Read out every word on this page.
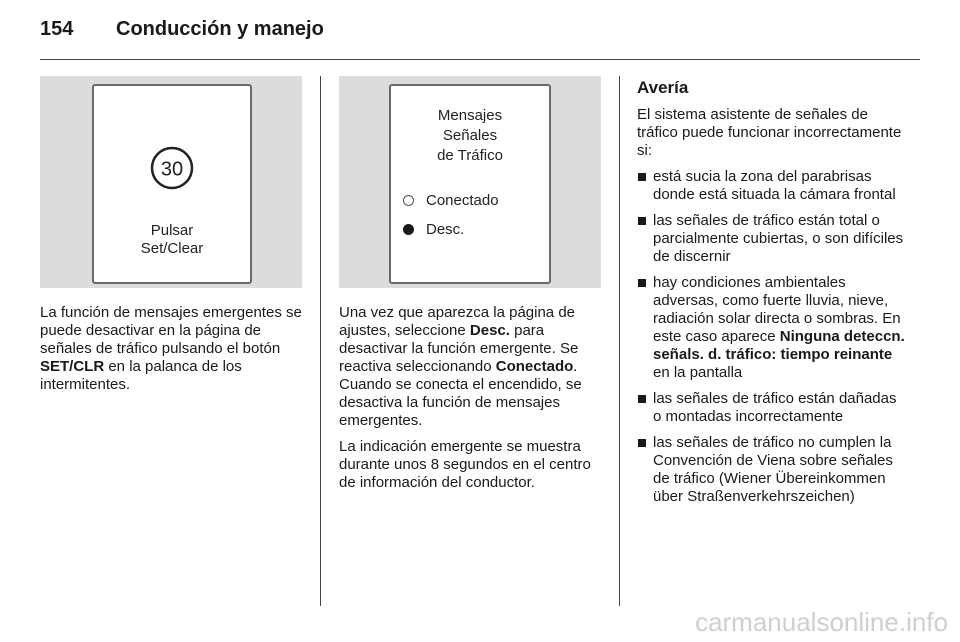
154	Conducción y manejo
30
Pulsar
Set/Clear
Mensajes
Señales
de Tráfico
Conectado
Desc.

La función de mensajes emergentes se puede desactivar en la página de señales de tráfico pulsando el botón SET/CLR en la palanca de los intermitentes.

Una vez que aparezca la página de ajustes, seleccione Desc. para desactivar la función emergente. Se reactiva seleccionando Conectado. Cuando se conecta el encendido, se desactiva la función de mensajes emergentes.

La indicación emergente se muestra durante unos 8 segundos en el centro de información del conductor.

Avería

El sistema asistente de señales de tráfico puede funcionar incorrectamente si:

está sucia la zona del parabrisas donde está situada la cámara frontal
las señales de tráfico están total o parcialmente cubiertas, o son difíciles de discernir
hay condiciones ambientales adversas, como fuerte lluvia, nieve, radiación solar directa o sombras. En este caso aparece Ninguna deteccn. señals. d. tráfico: tiempo reinante en la pantalla
las señales de tráfico están dañadas o montadas incorrectamente
las señales de tráfico no cumplen la Convención de Viena sobre señales de tráfico (Wiener Übereinkommen über Straßenverkehrszeichen)
carmanualsonline.info
